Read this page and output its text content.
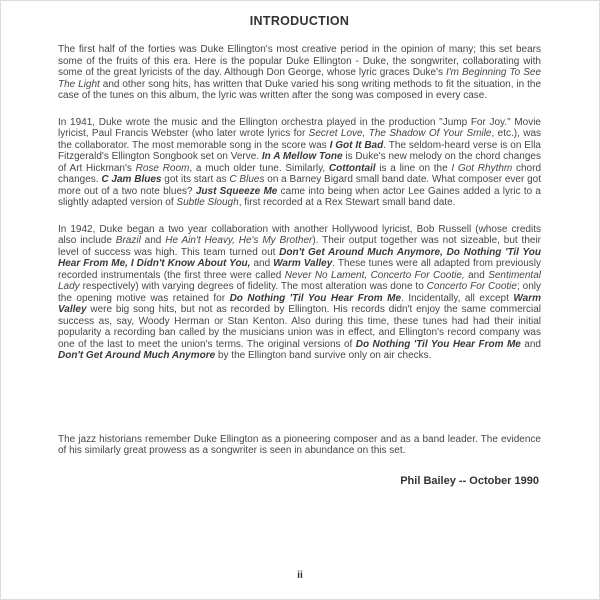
INTRODUCTION

The first half of the forties was Duke Ellington's most creative period in the opinion of many; this set bears some of the fruits of this era. Here is the popular Duke Ellington - Duke, the songwriter, collaborating with some of the great lyricists of the day. Although Don George, whose lyric graces Duke's I'm Beginning To See The Light and other song hits, has written that Duke varied his song writing methods to fit the situation, in the case of the tunes on this album, the lyric was written after the song was composed in every case.

In 1941, Duke wrote the music and the Ellington orchestra played in the production "Jump For Joy." Movie lyricist, Paul Francis Webster (who later wrote lyrics for Secret Love, The Shadow Of Your Smile, etc.), was the collaborator. The most memorable song in the score was I Got It Bad. The seldom-heard verse is on Ella Fitzgerald's Ellington Songbook set on Verve. In A Mellow Tone is Duke's new melody on the chord changes of Art Hickman's Rose Room, a much older tune. Similarly, Cottontail is a line on the I Got Rhythm chord changes. C Jam Blues got its start as C Blues on a Barney Bigard small band date. What composer ever got more out of a two note blues? Just Squeeze Me came into being when actor Lee Gaines added a lyric to a slightly adapted version of Subtle Slough, first recorded at a Rex Stewart small band date.

In 1942, Duke began a two year collaboration with another Hollywood lyricist, Bob Russell (whose credits also include Brazil and He Ain't Heavy, He's My Brother). Their output together was not sizeable, but their level of success was high. This team turned out Don't Get Around Much Anymore, Do Nothing 'Til You Hear From Me, I Didn't Know About You, and Warm Valley. These tunes were all adapted from previously recorded instrumentals (the first three were called Never No Lament, Concerto For Cootie, and Sentimental Lady respectively) with varying degrees of fidelity. The most alteration was done to Concerto For Cootie; only the opening motive was retained for Do Nothing 'Til You Hear From Me. Incidentally, all except Warm Valley were big song hits, but not as recorded by Ellington. His records didn't enjoy the same commercial success as, say, Woody Herman or Stan Kenton. Also during this time, these tunes had had their initial popularity a recording ban called by the musicians union was in effect, and Ellington's record company was one of the last to meet the union's terms. The original versions of Do Nothing 'Til You Hear From Me and Don't Get Around Much Anymore by the Ellington band survive only on air checks.

The jazz historians remember Duke Ellington as a pioneering composer and as a band leader. The evidence of his similarly great prowess as a songwriter is seen in abundance on this set.

Phil Bailey -- October 1990
ii
